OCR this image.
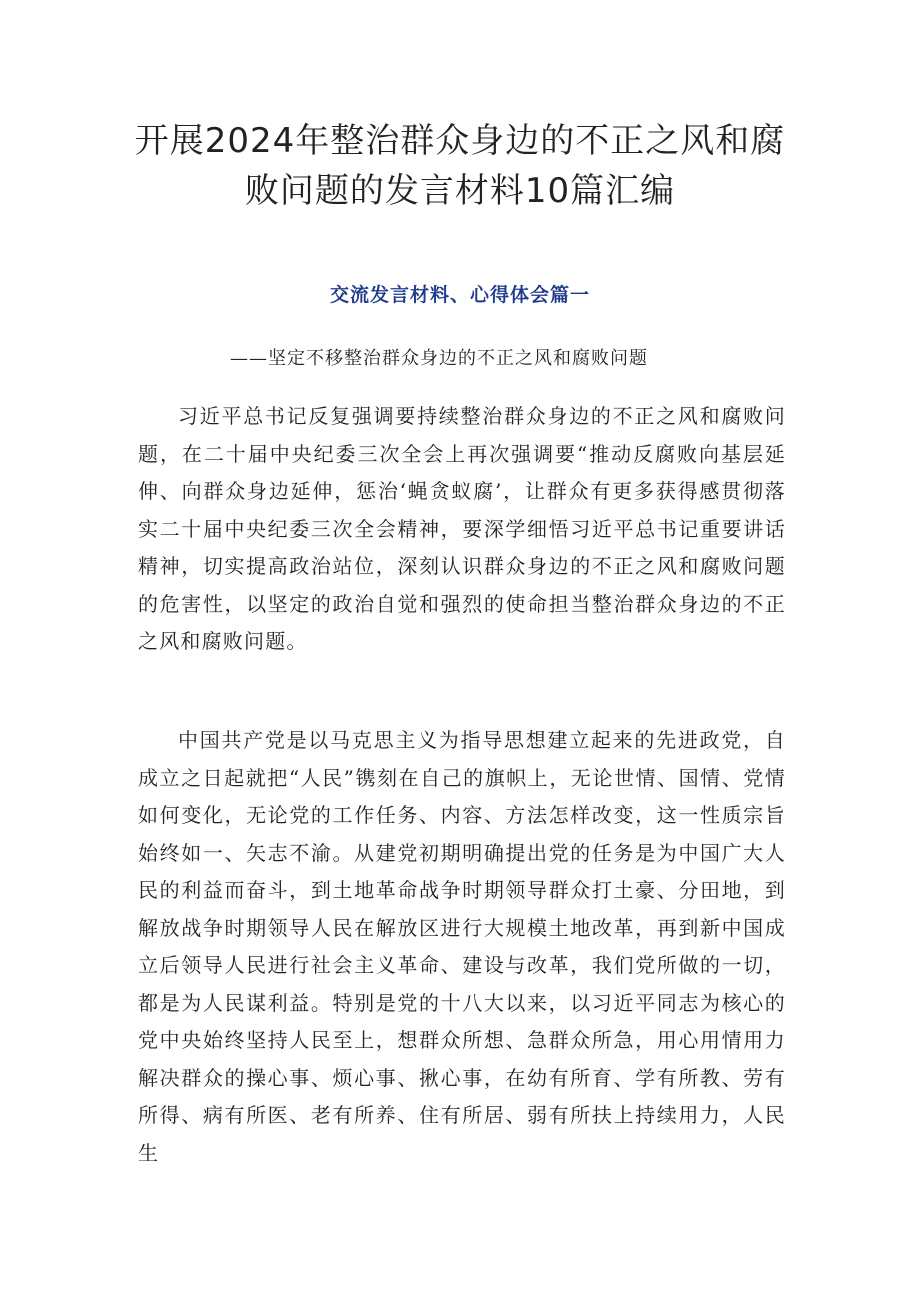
开展2024年整治群众身边的不正之风和腐败问题的发言材料10篇汇编
交流发言材料、心得体会篇一

——坚定不移整治群众身边的不正之风和腐败问题

习近平总书记反复强调要持续整治群众身边的不正之风和腐败问题，在二十届中央纪委三次全会上再次强调要“推动反腐败向基层延伸、向群众身边延伸，惩治‘蝇贪蚁腐’，让群众有更多获得感贯彻落实二十届中央纪委三次全会精神，要深学细悟习近平总书记重要讲话精神，切实提高政治站位，深刻认识群众身边的不正之风和腐败问题的危害性，以坚定的政治自觉和强烈的使命担当整治群众身边的不正之风和腐败问题。

中国共产党是以马克思主义为指导思想建立起来的先进政党，自成立之日起就把“人民”镌刻在自己的旗帜上，无论世情、国情、党情如何变化，无论党的工作任务、内容、方法怎样改变，这一性质宗旨始终如一、矢志不渝。从建党初期明确提出党的任务是为中国广大人民的利益而奋斗，到土地革命战争时期领导群众打土豪、分田地，到解放战争时期领导人民在解放区进行大规模土地改革，再到新中国成立后领导人民进行社会主义革命、建设与改革，我们党所做的一切，都是为人民谋利益。特别是党的十八大以来，以习近平同志为核心的党中央始终坚持人民至上，想群众所想、急群众所急，用心用情用力解决群众的操心事、烦心事、揪心事，在幼有所育、学有所教、劳有所得、病有所医、老有所养、住有所居、弱有所扶上持续用力，人民生
